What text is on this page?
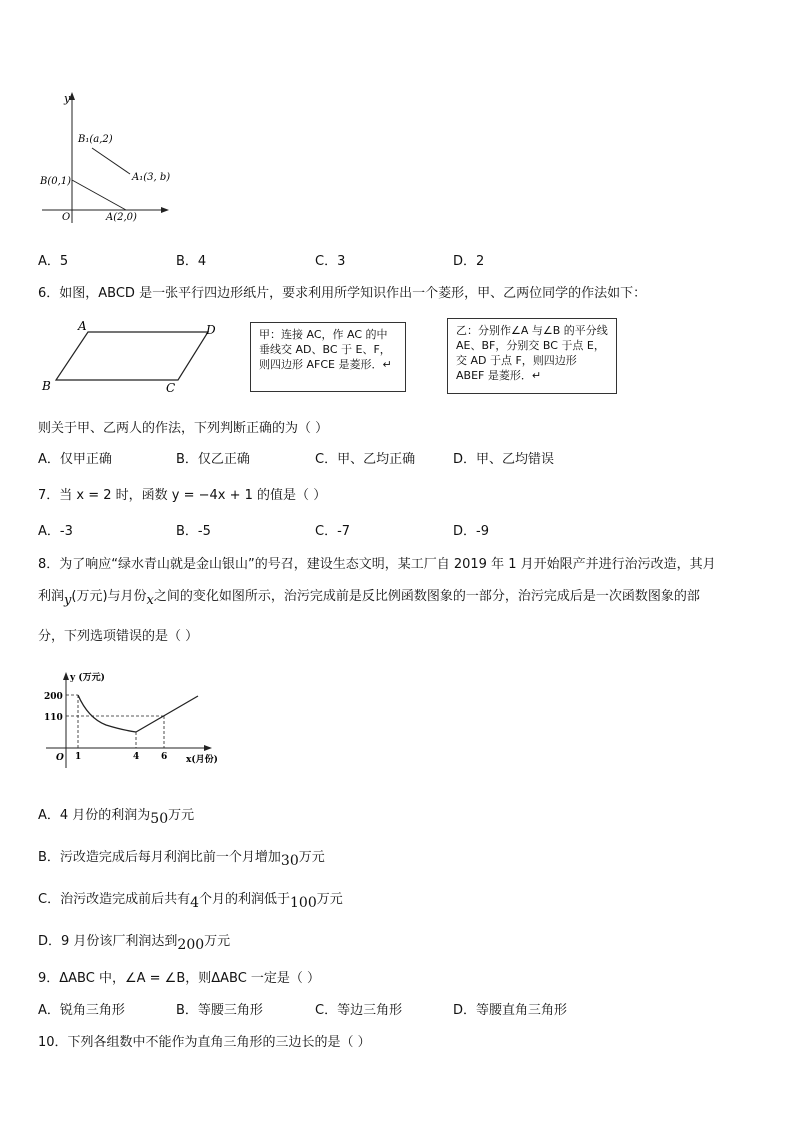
y
O
B(0,1)
A(2,0)
B₁(a,2)
A₁(3, b)
A．5	B．4	C．3	D．2
6．如图，ABCD 是一张平行四边形纸片，要求利用所学知识作出一个菱形，甲、乙两位同学的作法如下：
A	D
B	C
甲：连接 AC，作 AC 的中垂线交 AD、BC 于 E、F，则四边形 AFCE 是菱形．↵
乙：分别作∠A 与∠B 的平分线 AE、BF，分别交 BC 于点 E，交 AD 于点 F，则四边形 ABEF 是菱形．↵
则关于甲、乙两人的作法，下列判断正确的为（ ）
A．仅甲正确	B．仅乙正确	C．甲、乙均正确	D．甲、乙均错误
7．当 x = 2 时，函数 y = −4x + 1 的值是（ ）
A．-3	B．-5	C．-7	D．-9
8．为了响应“绿水青山就是金山银山”的号召，建设生态文明，某工厂自 2019 年 1 月开始限产并进行治污改造，其月
利润y(万元)与月份x之间的变化如图所示，治污完成前是反比例函数图象的一部分，治污完成后是一次函数图象的部
分，下列选项错误的是（ ）
y (万元)
x(月份)
O
200
110
1	4 6
A．4 月份的利润为50万元
B．污改造完成后每月利润比前一个月增加30万元
C．治污改造完成前后共有4个月的利润低于100万元
D．9 月份该厂利润达到200万元
9．ΔABC 中，∠A = ∠B，则ΔABC 一定是（ ）
A．锐角三角形	B．等腰三角形	C．等边三角形	D．等腰直角三角形
10．下列各组数中不能作为直角三角形的三边长的是（ ）
